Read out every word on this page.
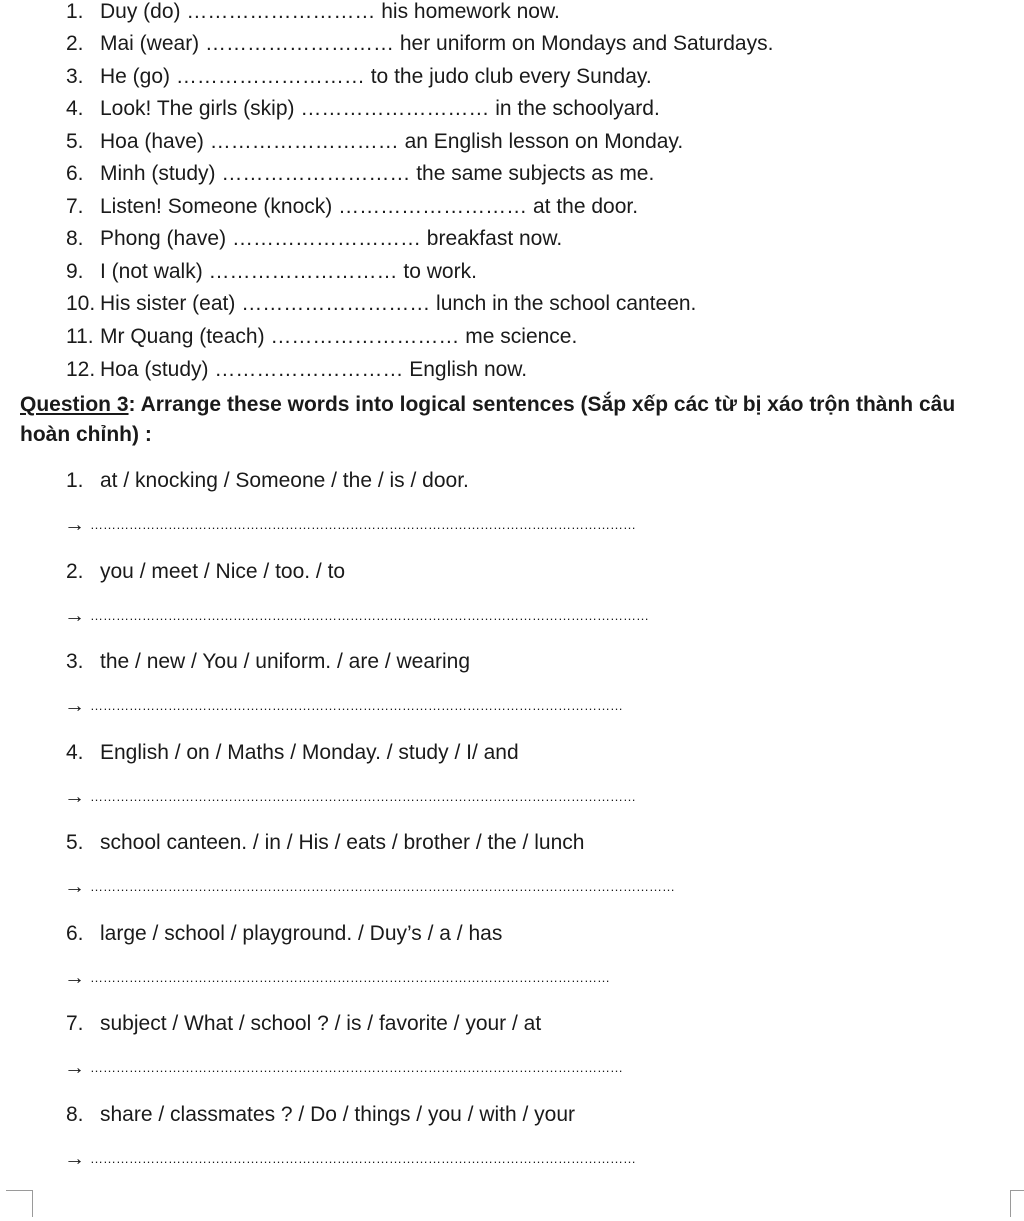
1. Duy (do) ……………………… his homework now.
2. Mai (wear) ……………………… her uniform on Mondays and Saturdays.
3. He (go) ……………………… to the judo club every Sunday.
4. Look! The girls (skip) ……………………… in the schoolyard.
5. Hoa (have) ……………………… an English lesson on Monday.
6. Minh (study) ……………………… the same subjects as me.
7. Listen! Someone (knock) ……………………… at the door.
8. Phong (have) ……………………… breakfast now.
9. I (not walk) ……………………… to work.
10. His sister (eat) ……………………… lunch in the school canteen.
11. Mr Quang (teach) ……………………… me science.
12. Hoa (study) ……………………… English now.
Question 3: Arrange these words into logical sentences (Sắp xếp các từ bị xáo trộn thành câu hoàn chỉnh) :
1. at / knocking / Someone / the / is / door.
→ ………………………………………………………………………………………………………………
2. you / meet / Nice / too. / to
→ …………………………………………………………………………………………………………………
3. the / new / You / uniform. / are / wearing
→ ……………………………………………………………………………………………………………
4. English / on / Maths / Monday. / study / I/ and
→ ………………………………………………………………………………………………………………
5. school canteen. / in / His / eats / brother / the / lunch
→ ………………………………………………………………………………………………………………………
6. large / school / playground. / Duy’s / a / has
→ …………………………………………………………………………………………………………
7. subject / What / school ? / is / favorite / your / at
→ ……………………………………………………………………………………………………………
8. share / classmates ? / Do / things / you / with / your
→ ………………………………………………………………………………………………………………
